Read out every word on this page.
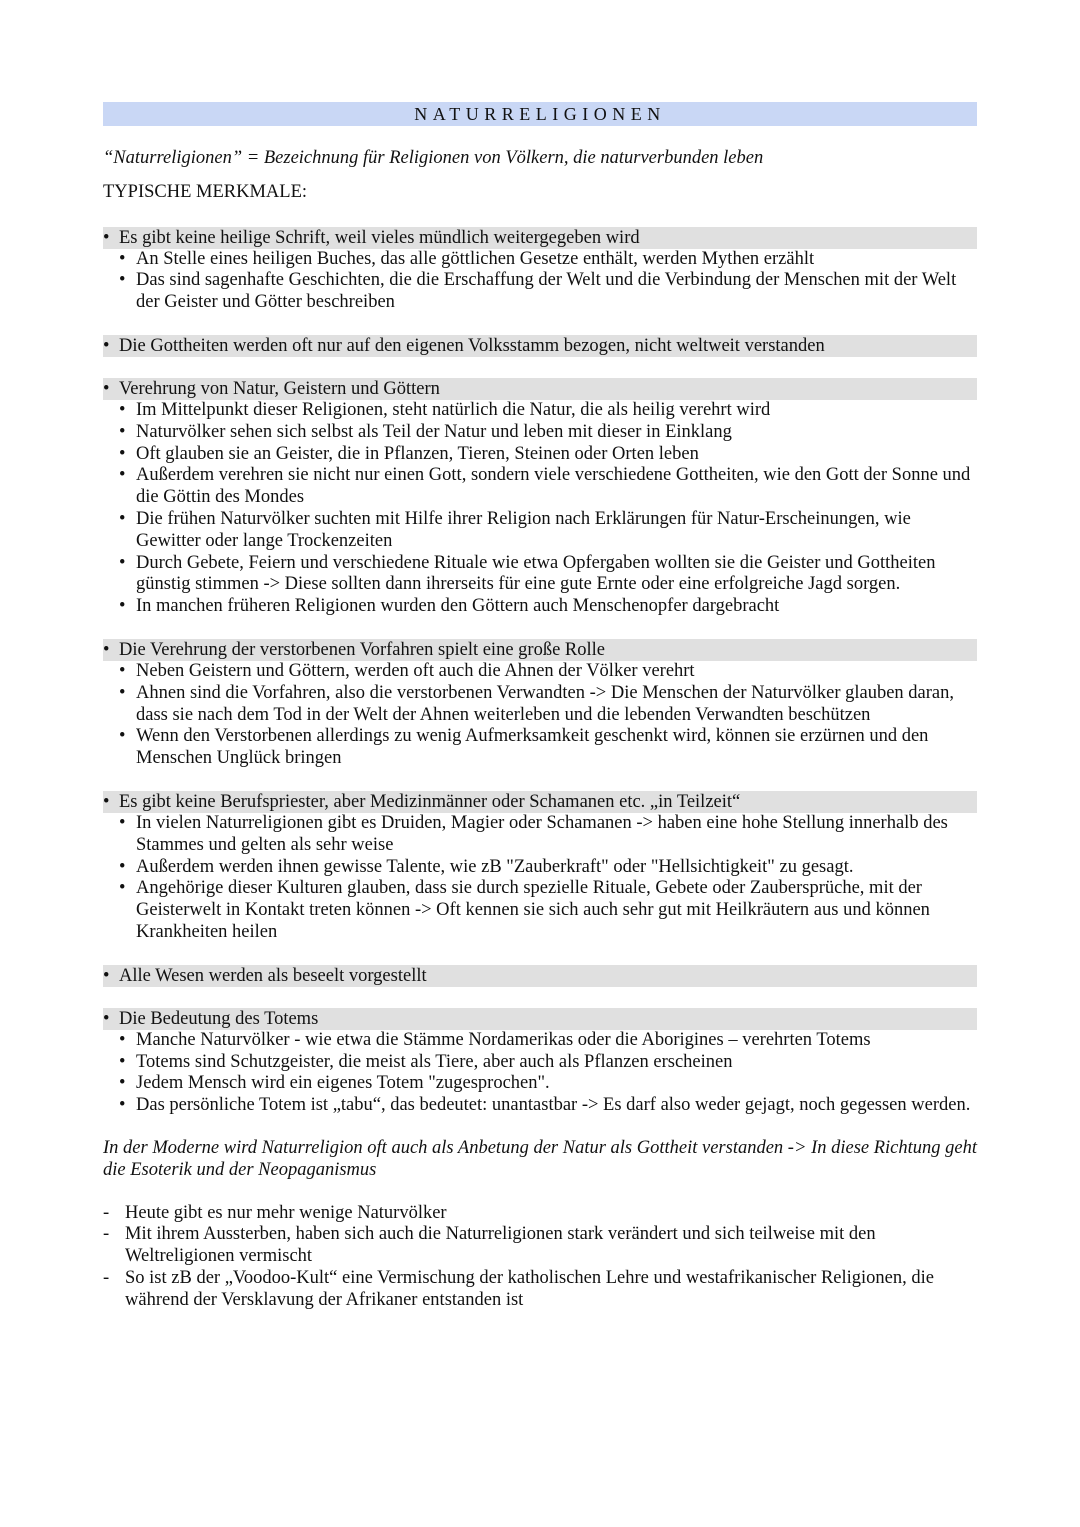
NATURRELIGIONEN

“Naturreligionen” = Bezeichnung für Religionen von Völkern, die naturverbunden leben

TYPISCHE MERKMALE:

• Es gibt keine heilige Schrift, weil vieles mündlich weitergegeben wird
• An Stelle eines heiligen Buches, das alle göttlichen Gesetze enthält, werden Mythen erzählt
• Das sind sagenhafte Geschichten, die die Erschaffung der Welt und die Verbindung der Menschen mit der Welt der Geister und Götter beschreiben
• Die Gottheiten werden oft nur auf den eigenen Volksstamm bezogen, nicht weltweit verstanden
• Verehrung von Natur, Geistern und Göttern
• Im Mittelpunkt dieser Religionen, steht natürlich die Natur, die als heilig verehrt wird
• Naturvölker sehen sich selbst als Teil der Natur und leben mit dieser in Einklang
• Oft glauben sie an Geister, die in Pflanzen, Tieren, Steinen oder Orten leben
• Außerdem verehren sie nicht nur einen Gott, sondern viele verschiedene Gottheiten, wie den Gott der Sonne und die Göttin des Mondes
• Die frühen Naturvölker suchten mit Hilfe ihrer Religion nach Erklärungen für Natur-Erscheinungen, wie Gewitter oder lange Trockenzeiten
• Durch Gebete, Feiern und verschiedene Rituale wie etwa Opfergaben wollten sie die Geister und Gottheiten günstig stimmen -> Diese sollten dann ihrerseits für eine gute Ernte oder eine erfolgreiche Jagd sorgen.
• In manchen früheren Religionen wurden den Göttern auch Menschenopfer dargebracht
• Die Verehrung der verstorbenen Vorfahren spielt eine große Rolle
• Neben Geistern und Göttern, werden oft auch die Ahnen der Völker verehrt
• Ahnen sind die Vorfahren, also die verstorbenen Verwandten -> Die Menschen der Naturvölker glauben daran, dass sie nach dem Tod in der Welt der Ahnen weiterleben und die lebenden Verwandten beschützen
• Wenn den Verstorbenen allerdings zu wenig Aufmerksamkeit geschenkt wird, können sie erzürnen und den Menschen Unglück bringen
• Es gibt keine Berufspriester, aber Medizinmänner oder Schamanen etc. „in Teilzeit“
• In vielen Naturreligionen gibt es Druiden, Magier oder Schamanen -> haben eine hohe Stellung innerhalb des Stammes und gelten als sehr weise
• Außerdem werden ihnen gewisse Talente, wie zB "Zauberkraft" oder "Hellsichtigkeit" zu gesagt.
• Angehörige dieser Kulturen glauben, dass sie durch spezielle Rituale, Gebete oder Zaubersprüche, mit der Geisterwelt in Kontakt treten können -> Oft kennen sie sich auch sehr gut mit Heilkräutern aus und können Krankheiten heilen
• Alle Wesen werden als beseelt vorgestellt
• Die Bedeutung des Totems
• Manche Naturvölker - wie etwa die Stämme Nordamerikas oder die Aborigines – verehrten Totems
• Totems sind Schutzgeister, die meist als Tiere, aber auch als Pflanzen erscheinen
• Jedem Mensch wird ein eigenes Totem "zugesprochen".
• Das persönliche Totem ist „tabu“, das bedeutet: unantastbar -> Es darf also weder gejagt, noch gegessen werden.

In der Moderne wird Naturreligion oft auch als Anbetung der Natur als Gottheit verstanden -> In diese Richtung geht die Esoterik und der Neopaganismus

- Heute gibt es nur mehr wenige Naturvölker
- Mit ihrem Aussterben, haben sich auch die Naturreligionen stark verändert und sich teilweise mit den Weltreligionen vermischt
- So ist zB der „Voodoo-Kult“ eine Vermischung der katholischen Lehre und westafrikanischer Religionen, die während der Versklavung der Afrikaner entstanden ist
